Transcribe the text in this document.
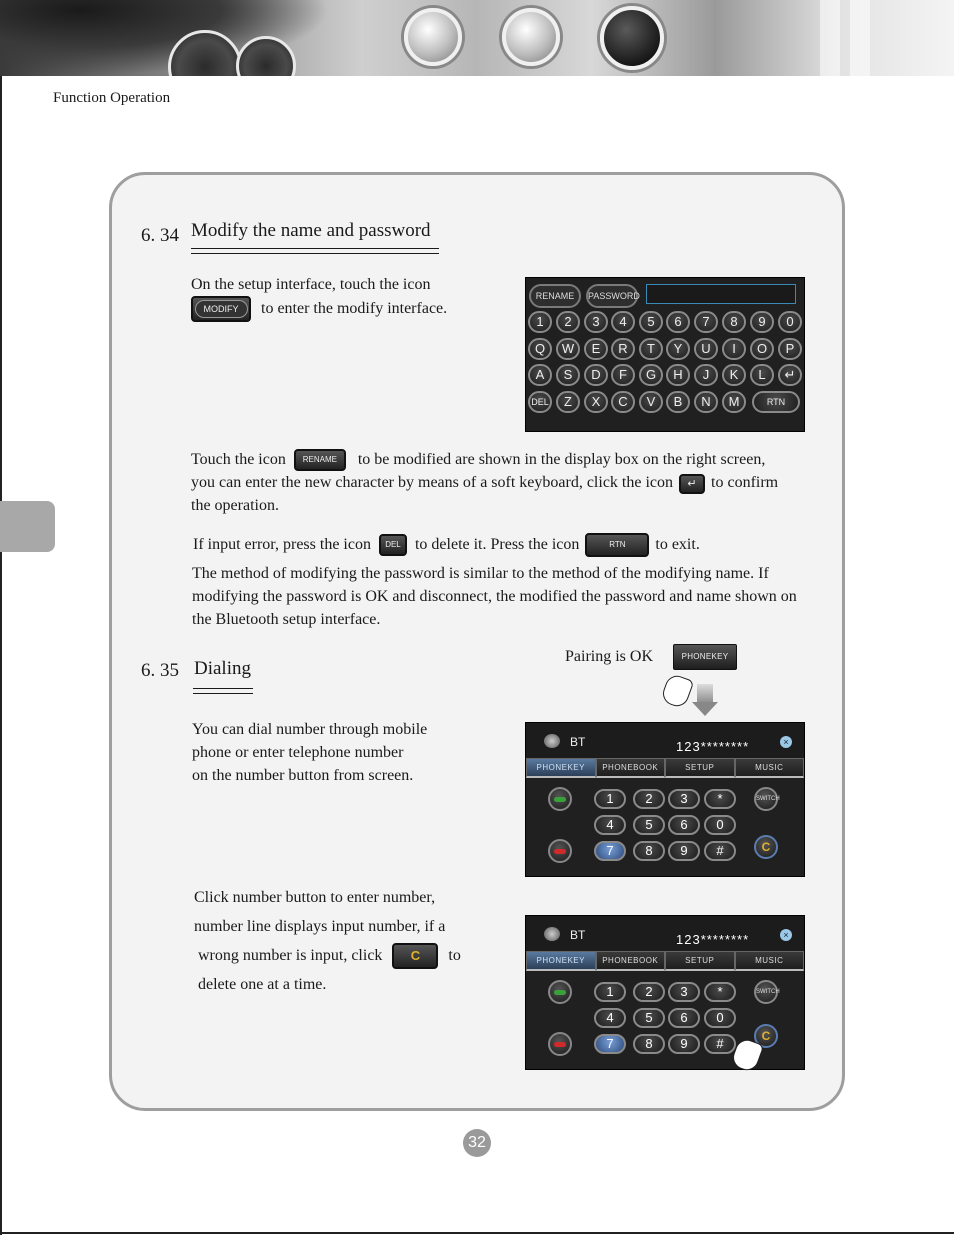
Function Operation
6. 34 Modify the name and password
On the setup interface, touch the icon
MODIFY to enter the modify interface.
RENAME	PASSWORD
1	2	3	4	5	6	7	8	9	0
Q	W	E	R	T	Y	U	I	O	P
A	S	D	F	G	H	J	K	L	↵
DEL	Z	X	C	V	B	N	M	RTN
Touch the icon RENAME to be modified are shown in the display box on the right screen,
you can enter the new character by means of a soft keyboard, click the icon ↵ to confirm
the operation.
If input error, press the icon DEL to delete it. Press the icon	RTN to exit.
The method of modifying the password is similar to the method of the modifying name. If modifying the password is OK and disconnect, the modified the password and name shown on the Bluetooth setup interface.
6. 35 Dialing
Pairing is OK	PHONEKEY
You can dial number through mobile
phone or enter telephone number
on the number button from screen.
BT	123********	×
PHONEKEY	PHONEBOOK	SETUP	MUSIC
1	2	3	*
4	5	6	0
7	8	9	#
SWITCH
C
Click number button to enter number,
number line displays input number, if a
wrong number is input, click C to
delete one at a time.
BT	123********	×
PHONEKEY	PHONEBOOK	SETUP	MUSIC
1	2	3	*
4	5	6	0
7	8	9	#
SWITCH
C
32
